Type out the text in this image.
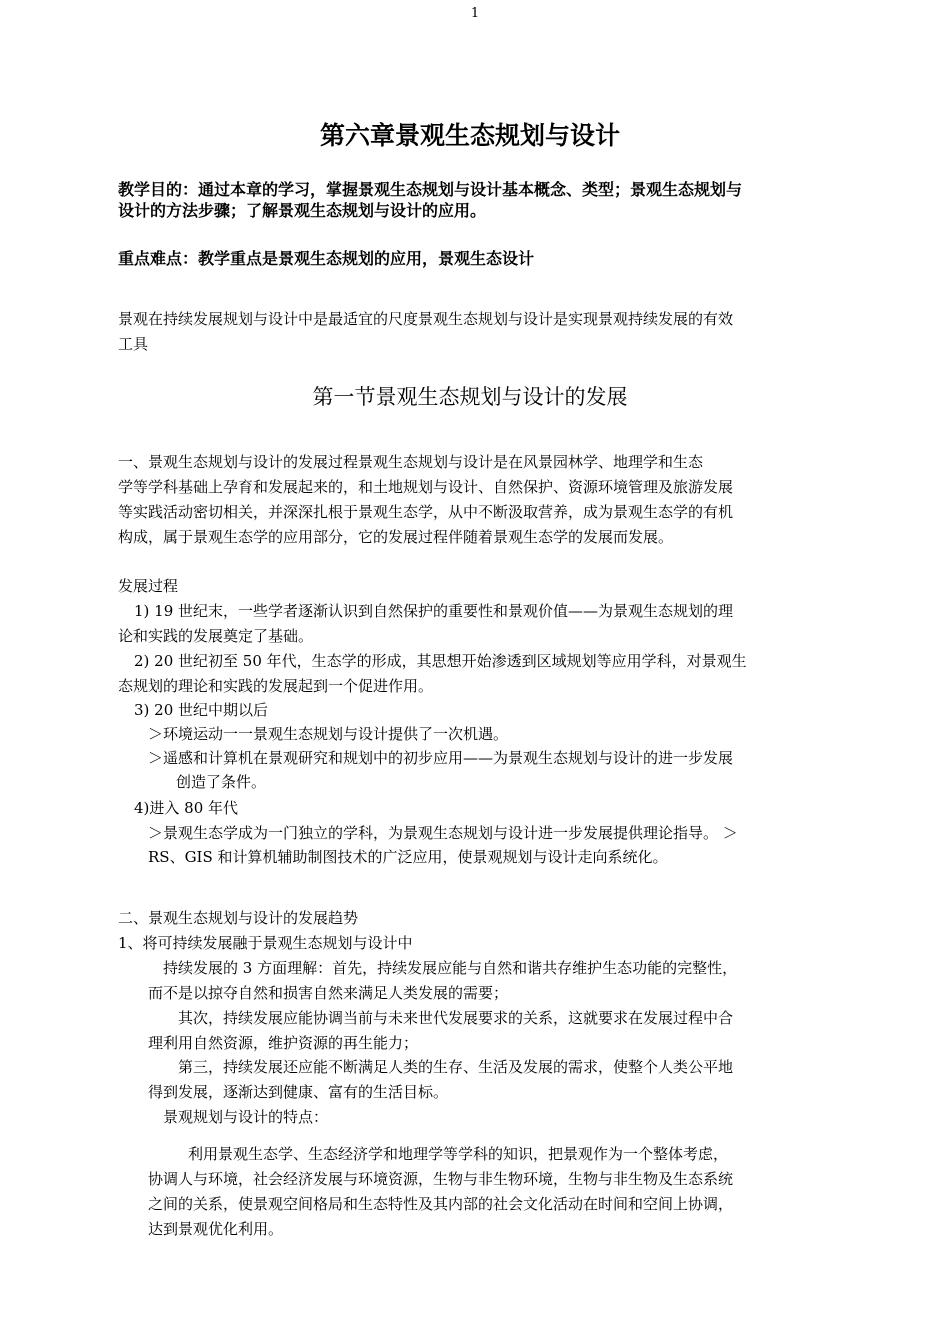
1
第六章景观生态规划与设计
教学目的：通过本章的学习，掌握景观生态规划与设计基本概念、类型；景观生态规划与
设计的方法步骤；了解景观生态规划与设计的应用。
重点难点：教学重点是景观生态规划的应用，景观生态设计
景观在持续发展规划与设计中是最适宜的尺度景观生态规划与设计是实现景观持续发展的有效
工具
第一节景观生态规划与设计的发展
一、景观生态规划与设计的发展过程景观生态规划与设计是在风景园林学、地理学和生态
学等学科基础上孕育和发展起来的，和土地规划与设计、自然保护、资源环境管理及旅游发展
等实践活动密切相关，并深深扎根于景观生态学，从中不断汲取营养，成为景观生态学的有机
构成，属于景观生态学的应用部分，它的发展过程伴随着景观生态学的发展而发展。
发展过程
1) 19 世纪末，一些学者逐渐认识到自然保护的重要性和景观价值——为景观生态规划的理
论和实践的发展奠定了基础。
2) 20 世纪初至 50 年代，生态学的形成，其思想开始渗透到区域规划等应用学科，对景观生
态规划的理论和实践的发展起到一个促进作用。
3) 20 世纪中期以后
＞环境运动一一景观生态规划与设计提供了一次机遇。
＞遥感和计算机在景观研究和规划中的初步应用——为景观生态规划与设计的进一步发展
创造了条件。
4)进入 80 年代
＞景观生态学成为一门独立的学科，为景观生态规划与设计进一步发展提供理论指导。 ＞
RS、GIS 和计算机辅助制图技术的广泛应用，使景观规划与设计走向系统化。
二、景观生态规划与设计的发展趋势
1、将可持续发展融于景观生态规划与设计中
持续发展的 3 方面理解：首先，持续发展应能与自然和谐共存维护生态功能的完整性，
而不是以掠夺自然和损害自然来满足人类发展的需要；
其次，持续发展应能协调当前与未来世代发展要求的关系，这就要求在发展过程中合
理利用自然资源，维护资源的再生能力；
第三，持续发展还应能不断满足人类的生存、生活及发展的需求，使整个人类公平地
得到发展，逐渐达到健康、富有的生活目标。
景观规划与设计的特点：
利用景观生态学、生态经济学和地理学等学科的知识，把景观作为一个整体考虑，
协调人与环境，社会经济发展与环境资源，生物与非生物环境，生物与非生物及生态系统
之间的关系，使景观空间格局和生态特性及其内部的社会文化活动在时间和空间上协调，
达到景观优化利用。
